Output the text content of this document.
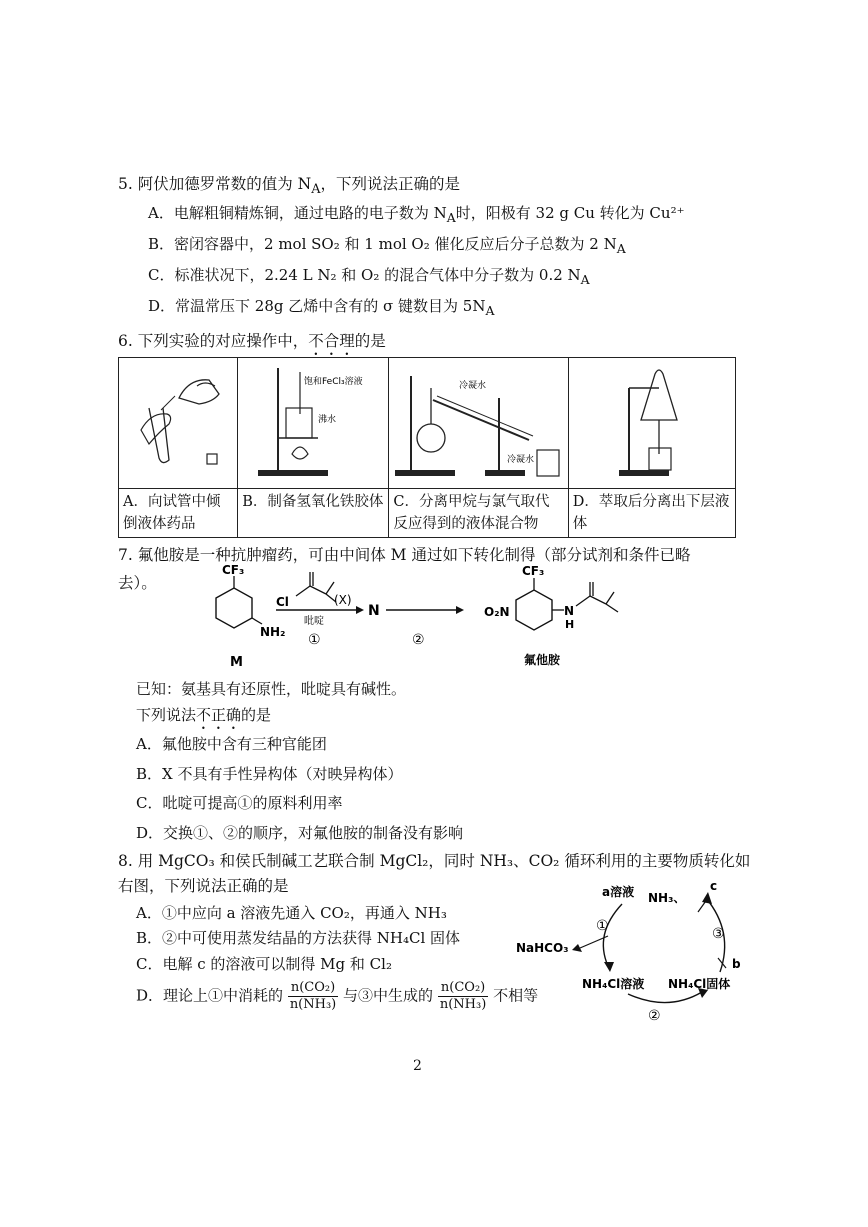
5. 阿伏加德罗常数的值为 $N_A$，下列说法正确的是
A．电解粗铜精炼铜，通过电路的电子数为 $N_A$时，阳极有 32 g Cu 转化为 Cu²⁺
B．密闭容器中，2 mol SO₂ 和 1 mol O₂ 催化反应后分子总数为 2 $N_A$
C．标准状况下，2.24 L N₂ 和 O₂ 的混合气体中分子数为 0.2 $N_A$
D．常温常压下 28g 乙烯中含有的 σ 键数目为 $5N_A$
6. 下列实验的对应操作中，不合理的是

饱和FeCl₃溶液
沸水	冷凝水
冷凝水

A．向试管中倾倒液体药品	B．制备氢氧化铁胶体	C．分离甲烷与氯气取代反应得到的液体混合物	D．萃取后分离出下层液体
7. 氟他胺是一种抗肿瘤药，可由中间体 M 通过如下转化制得（部分试剂和条件已略
去）。
CF₃
NH₂
M
Cl	(X)
吡啶
①
N
②
CF₃
O₂N	N
H
氟他胺
已知：氨基具有还原性，吡啶具有碱性。
下列说法不正确的是
A．氟他胺中含有三种官能团
B．X 不具有手性异构体（对映异构体）
C．吡啶可提高①的原料利用率
D．交换①、②的顺序，对氟他胺的制备没有影响
8. 用 MgCO₃ 和侯氏制碱工艺联合制 MgCl₂，同时 NH₃、CO₂ 循环利用的主要物质转化如
右图，下列说法正确的是
A．①中应向 a 溶液先通入 CO₂，再通入 NH₃
B．②中可使用蒸发结晶的方法获得 NH₄Cl 固体
C．电解 c 的溶液可以制得 Mg 和 Cl₂
D．理论上①中消耗的 $\frac{\text{n(CO₂)}}{\text{n(NH₃)}}$ 与③中生成的 $\frac{\text{n(CO₂)}}{\text{n(NH₃)}}$ 不相等
a溶液 NH₃、
c
①
NaHCO₃
NH₄Cl溶液
②
NH₄Cl固体
b
③
2
